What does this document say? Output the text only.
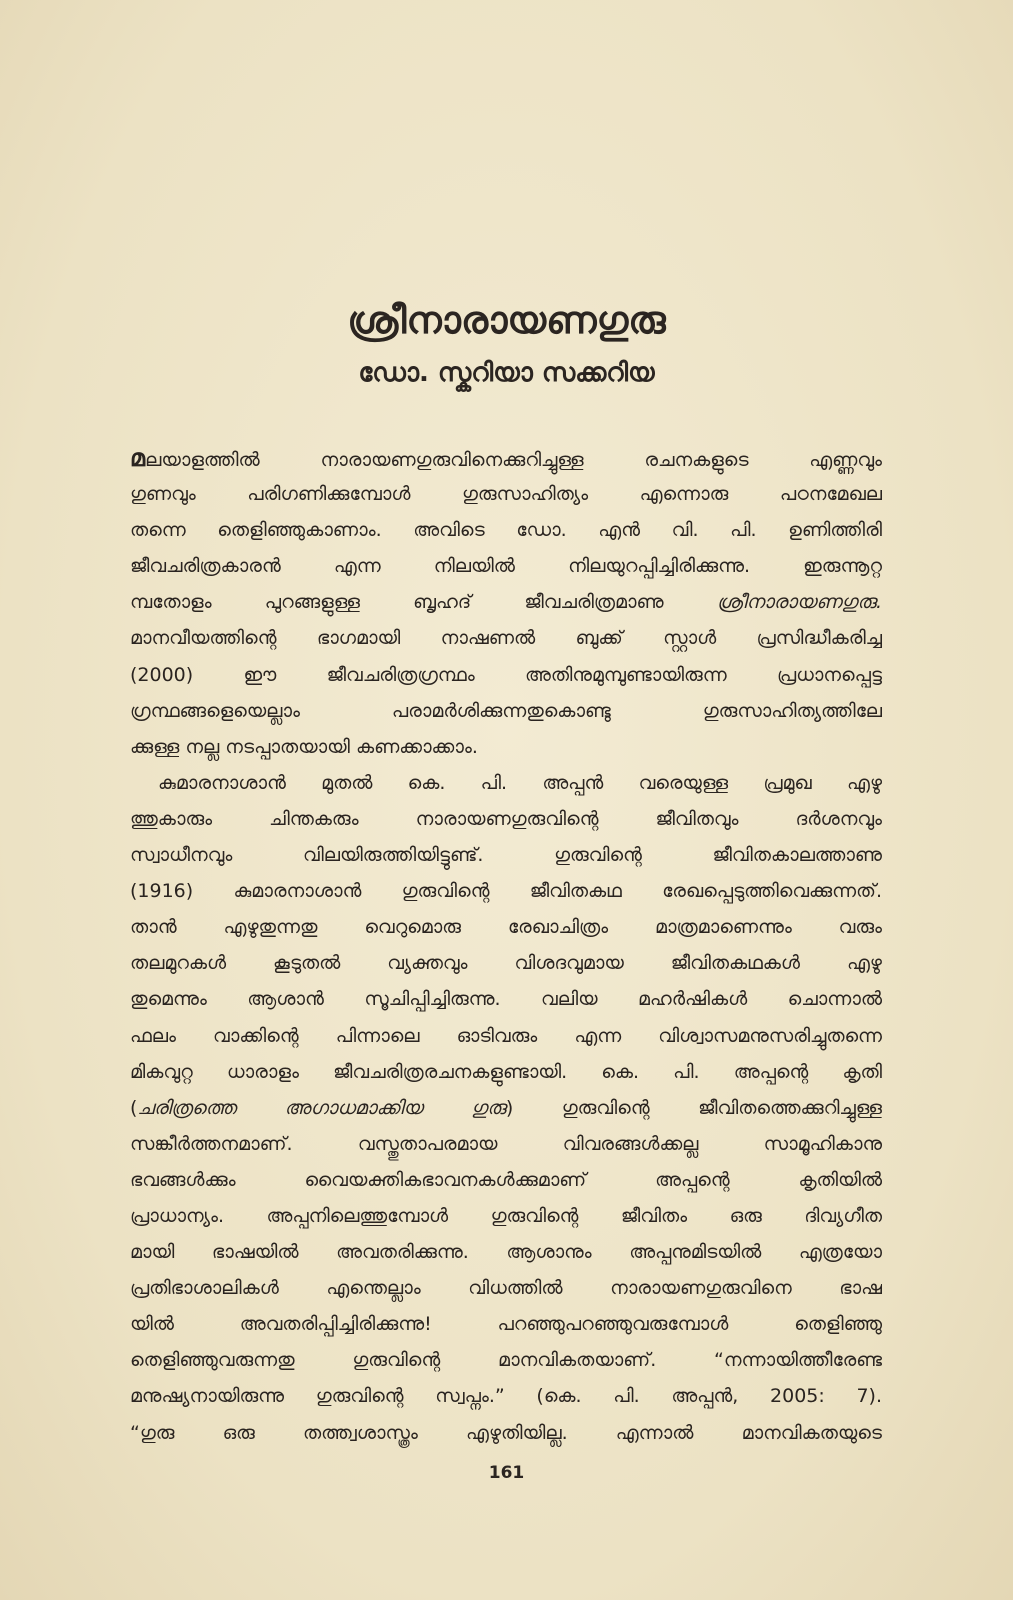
ശ്രീനാരായണഗുരു
ഡോ. സ്കറിയാ സക്കറിയ
മലയാളത്തിൽ നാരായണഗുരുവിനെക്കുറിച്ചുള്ള രചനകളുടെ എണ്ണവും
ഗുണവും പരിഗണിക്കുമ്പോൾ ഗുരുസാഹിത്യം എന്നൊരു പഠനമേഖല
തന്നെ തെളിഞ്ഞുകാണാം. അവിടെ ഡോ. എൻ വി. പി. ഉണിത്തിരി
ജീവചരിത്രകാരൻ എന്ന നിലയിൽ നിലയുറപ്പിച്ചിരിക്കുന്നു. ഇരുന്നൂറ്റ
മ്പതോളം പുറങ്ങളുള്ള ബൃഹദ് ജീവചരിത്രമാണു ശ്രീനാരായണഗുരു.
മാനവീയത്തിന്റെ ഭാഗമായി നാഷണൽ ബുക്ക് സ്റ്റാൾ പ്രസിദ്ധീകരിച്ച
(2000) ഈ ജീവചരിത്രഗ്രന്ഥം അതിനുമുമ്പുണ്ടായിരുന്ന പ്രധാനപ്പെട്ട
ഗ്രന്ഥങ്ങളെയെല്ലാം പരാമർശിക്കുന്നതുകൊണ്ടു ഗുരുസാഹിത്യത്തിലേ
ക്കുള്ള നല്ല നടപ്പാതയായി കണക്കാക്കാം.
കുമാരനാശാൻ മുതൽ കെ. പി. അപ്പൻ വരെയുള്ള പ്രമുഖ എഴു
ത്തുകാരും ചിന്തകരും നാരായണഗുരുവിന്റെ ജീവിതവും ദർശനവും
സ്വാധീനവും വിലയിരുത്തിയിട്ടുണ്ട്. ഗുരുവിന്റെ ജീവിതകാലത്താണു
(1916) കുമാരനാശാൻ ഗുരുവിന്റെ ജീവിതകഥ രേഖപ്പെടുത്തിവെക്കുന്നത്.
താൻ എഴുതുന്നതു വെറുമൊരു രേഖാചിത്രം മാത്രമാണെന്നും വരും
തലമുറകൾ കൂടുതൽ വ്യക്തവും വിശദവുമായ ജീവിതകഥകൾ എഴു
തുമെന്നും ആശാൻ സൂചിപ്പിച്ചിരുന്നു. വലിയ മഹർഷികൾ ചൊന്നാൽ
ഫലം വാക്കിന്റെ പിന്നാലെ ഓടിവരും എന്ന വിശ്വാസമനുസരിച്ചുതന്നെ
മികവുറ്റ ധാരാളം ജീവചരിത്രരചനകളുണ്ടായി. കെ. പി. അപ്പന്റെ കൃതി
(ചരിത്രത്തെ അഗാധമാക്കിയ ഗുരു) ഗുരുവിന്റെ ജീവിതത്തെക്കുറിച്ചുള്ള
സങ്കീർത്തനമാണ്. വസ്തുതാപരമായ വിവരങ്ങൾക്കല്ല സാമൂഹികാനു
ഭവങ്ങൾക്കും വൈയക്തികഭാവനകൾക്കുമാണ് അപ്പന്റെ കൃതിയിൽ
പ്രാധാന്യം. അപ്പനിലെത്തുമ്പോൾ ഗുരുവിന്റെ ജീവിതം ഒരു ദിവ്യഗീത
മായി ഭാഷയിൽ അവതരിക്കുന്നു. ആശാനും അപ്പനുമിടയിൽ എത്രയോ
പ്രതിഭാശാലികൾ എന്തെല്ലാം വിധത്തിൽ നാരായണഗുരുവിനെ ഭാഷ
യിൽ അവതരിപ്പിച്ചിരിക്കുന്നു! പറഞ്ഞുപറഞ്ഞുവരുമ്പോൾ തെളിഞ്ഞു
തെളിഞ്ഞുവരുന്നതു ഗുരുവിന്റെ മാനവികതയാണ്. “നന്നായിത്തീരേണ്ട
മനുഷ്യനായിരുന്നു ഗുരുവിന്റെ സ്വപ്നം.” (കെ. പി. അപ്പൻ, 2005: 7).
“ഗുരു ഒരു തത്ത്വശാസ്ത്രം എഴുതിയില്ല. എന്നാൽ മാനവികതയുടെ
161
